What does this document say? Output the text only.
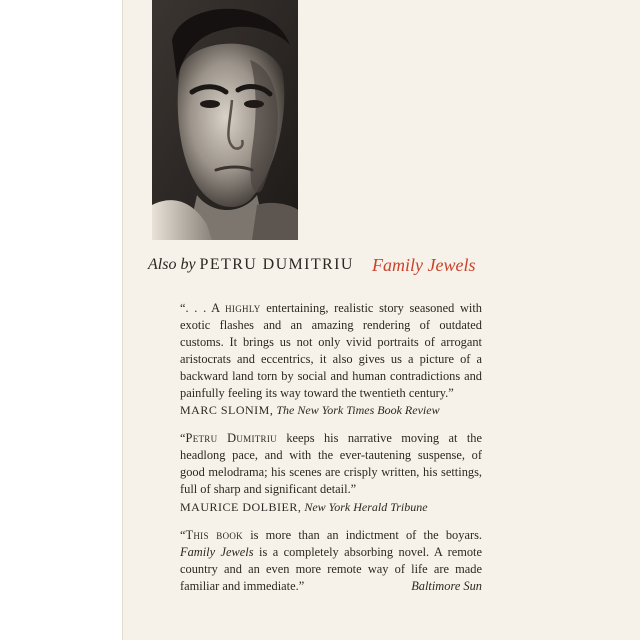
Also by PETRU DUMITRIU	Family Jewels
“. . . A highly entertaining, realistic story seasoned with exotic flashes and an amazing rendering of outdated customs. It brings us not only vivid portraits of arrogant aristocrats and eccentrics, it also gives us a picture of a backward land torn by social and human contradictions and painfully feeling its way toward the twentieth century.”
MARC SLONIM, The New York Times Book Review
“Petru Dumitriu keeps his narrative moving at the headlong pace, and with the ever-tautening suspense, of good melodrama; his scenes are crisply written, his settings, full of sharp and significant detail.”
MAURICE DOLBIER, New York Herald Tribune
“This book is more than an indictment of the boyars. Family Jewels is a completely absorbing novel. A remote country and an even more remote way of life are made familiar and immediate.”	Baltimore Sun
